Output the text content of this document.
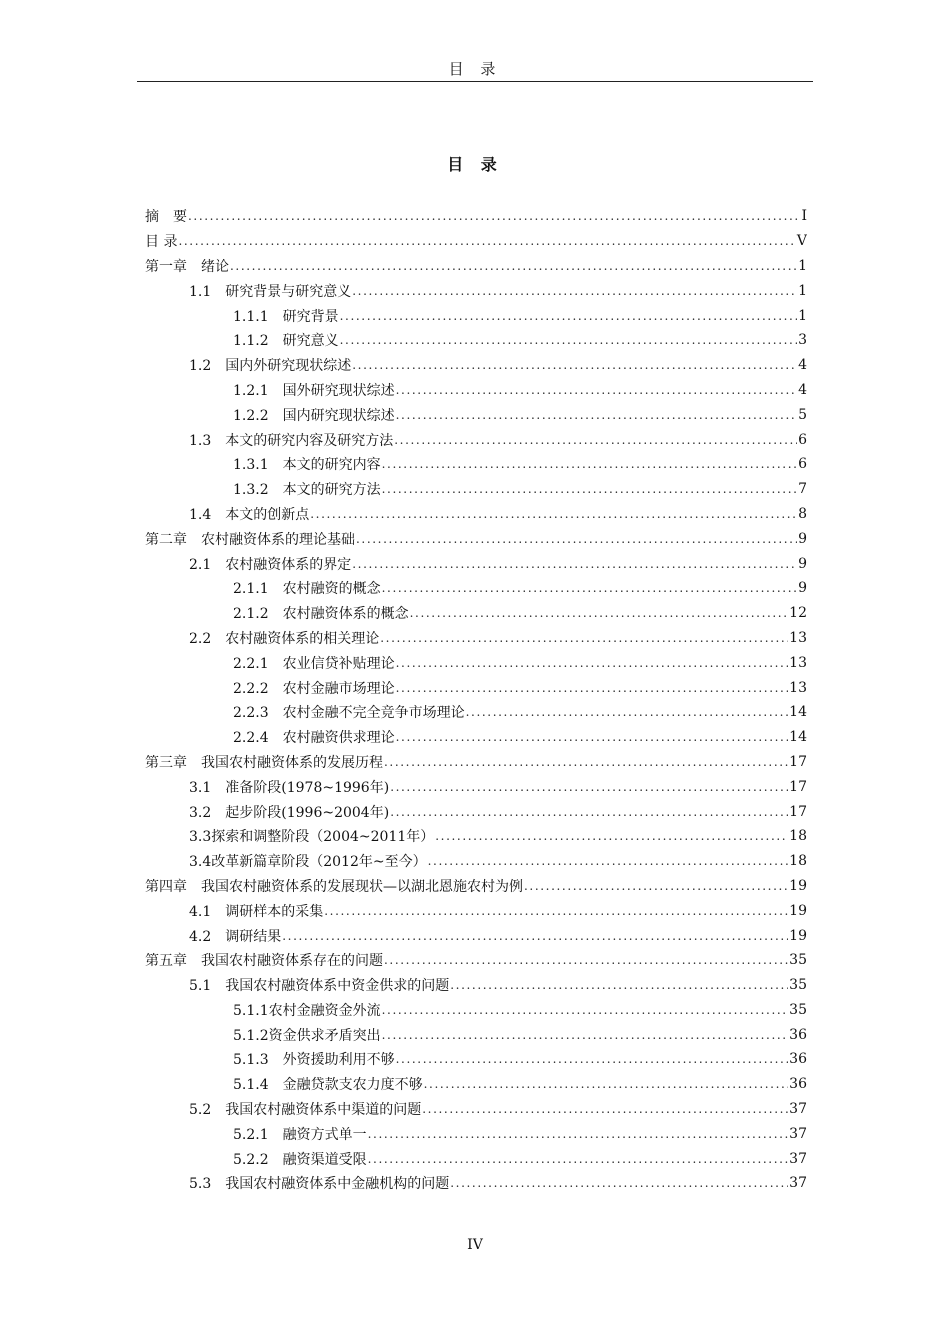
目 录
目 录
摘　要 .....	I
目 录 .....	V
第一章　绪论 .....	1
1.1　研究背景与研究意义 .....	1
1.1.1　研究背景 .....	1
1.1.2　研究意义 .....	3
1.2　国内外研究现状综述 .....	4
1.2.1　国外研究现状综述 .....	4
1.2.2　国内研究现状综述 .....	5
1.3　本文的研究内容及研究方法 .....	6
1.3.1　本文的研究内容 .....	6
1.3.2　本文的研究方法 .....	7
1.4　本文的创新点 .....	8
第二章　农村融资体系的理论基础 .....	9
2.1　农村融资体系的界定 .....	9
2.1.1　农村融资的概念 .....	9
2.1.2　农村融资体系的概念 .....	12
2.2　农村融资体系的相关理论 .....	13
2.2.1　农业信贷补贴理论 .....	13
2.2.2　农村金融市场理论 .....	13
2.2.3　农村金融不完全竞争市场理论 .....	14
2.2.4　农村融资供求理论 .....	14
第三章　我国农村融资体系的发展历程 .....	17
3.1　准备阶段(1978~1996年) .....	17
3.2　起步阶段(1996~2004年) .....	17
3.3探索和调整阶段（2004~2011年） .....	18
3.4改革新篇章阶段（2012年~至今） .....	18
第四章　我国农村融资体系的发展现状—以湖北恩施农村为例 .....	19
4.1　调研样本的采集 .....	19
4.2　调研结果 .....	19
第五章　我国农村融资体系存在的问题 .....	35
5.1　我国农村融资体系中资金供求的问题 .....	35
5.1.1农村金融资金外流 .....	35
5.1.2资金供求矛盾突出 .....	36
5.1.3　外资援助利用不够 .....	36
5.1.4　金融贷款支农力度不够 .....	36
5.2　我国农村融资体系中渠道的问题 .....	37
5.2.1　融资方式单一 .....	37
5.2.2　融资渠道受限 .....	37
5.3　我国农村融资体系中金融机构的问题 .....	37
IV
